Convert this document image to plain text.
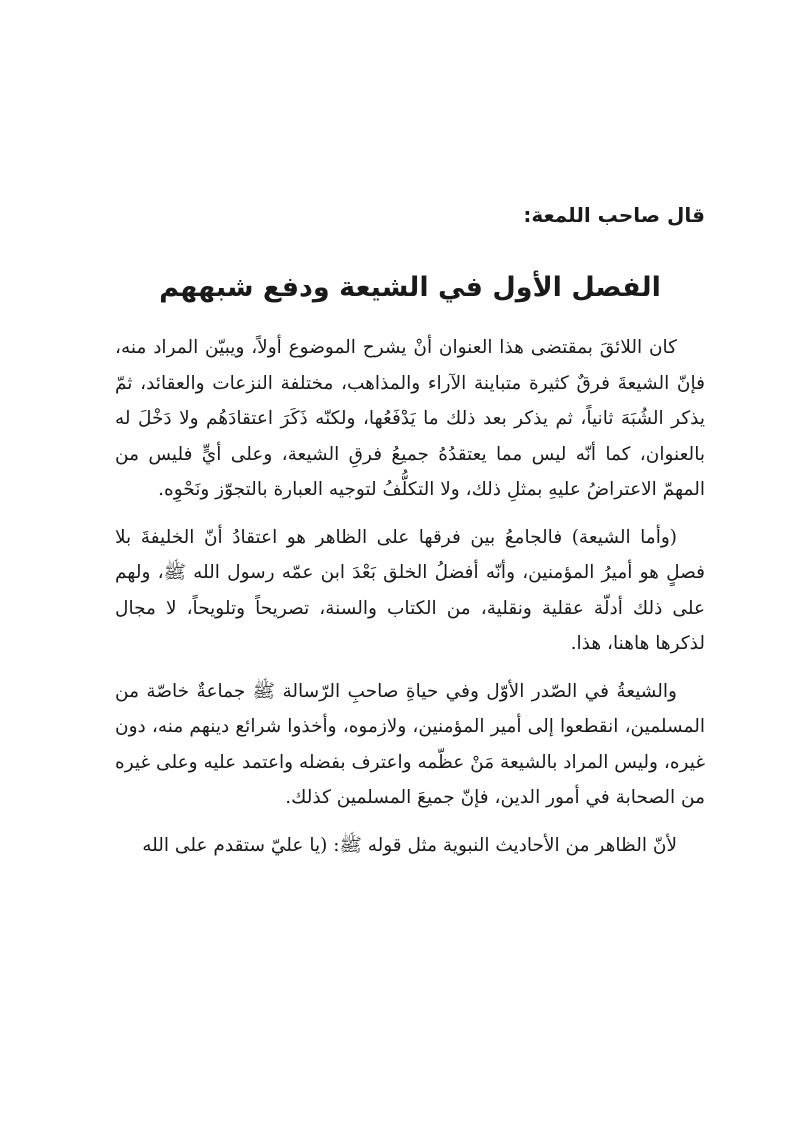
قال صاحب اللمعة:
الفصل الأول في الشيعة ودفع شبههم

كان اللائقَ بمقتضى هذا العنوان أنْ يشرح الموضوع أولاً، ويبيّن المراد منه، فإنّ الشيعةَ فرقٌ كثيرة متباينة الآراء والمذاهب، مختلفة النزعات والعقائد، ثمّ يذكر الشُبَهَ ثانياً، ثم يذكر بعد ذلك ما يَدْفَعُها، ولكنّه ذَكَرَ اعتقادَهُم ولا دَخْلَ له بالعنوان، كما أنّه ليس مما يعتقدُهُ جميعُ فرقِ الشيعة، وعلى أيٍّ فليس من المهمّ الاعتراضُ عليهِ بمثلِ ذلك، ولا التكلُّفُ لتوجيه العبارة بالتجوّز ونَحْوِه.

(وأما الشيعة) فالجامعُ بين فرقها على الظاهر هو اعتقادُ أنّ الخليفةَ بلا فصلٍ هو أميرُ المؤمنين، وأنّه أفضلُ الخلق بَعْدَ ابن عمّه رسول الله ﷺ، ولهم على ذلك أدلّة عقلية ونقلية، من الكتاب والسنة، تصريحاً وتلويحاً، لا مجال لذكرها هاهنا، هذا.

والشيعةُ في الصّدر الأوّل وفي حياةِ صاحبِ الرّسالة ﷺ جماعةٌ خاصّة من المسلمين، انقطعوا إلى أمير المؤمنين، ولازموه، وأخذوا شرائع دينهم منه، دون غيره، وليس المراد بالشيعة مَنْ عظّمه واعترف بفضله واعتمد عليه وعلى غيره من الصحابة في أمور الدين، فإنّ جميعَ المسلمين كذلك.

لأنّ الظاهر من الأحاديث النبوية مثل قوله ﷺ: (يا عليّ ستقدم على الله
